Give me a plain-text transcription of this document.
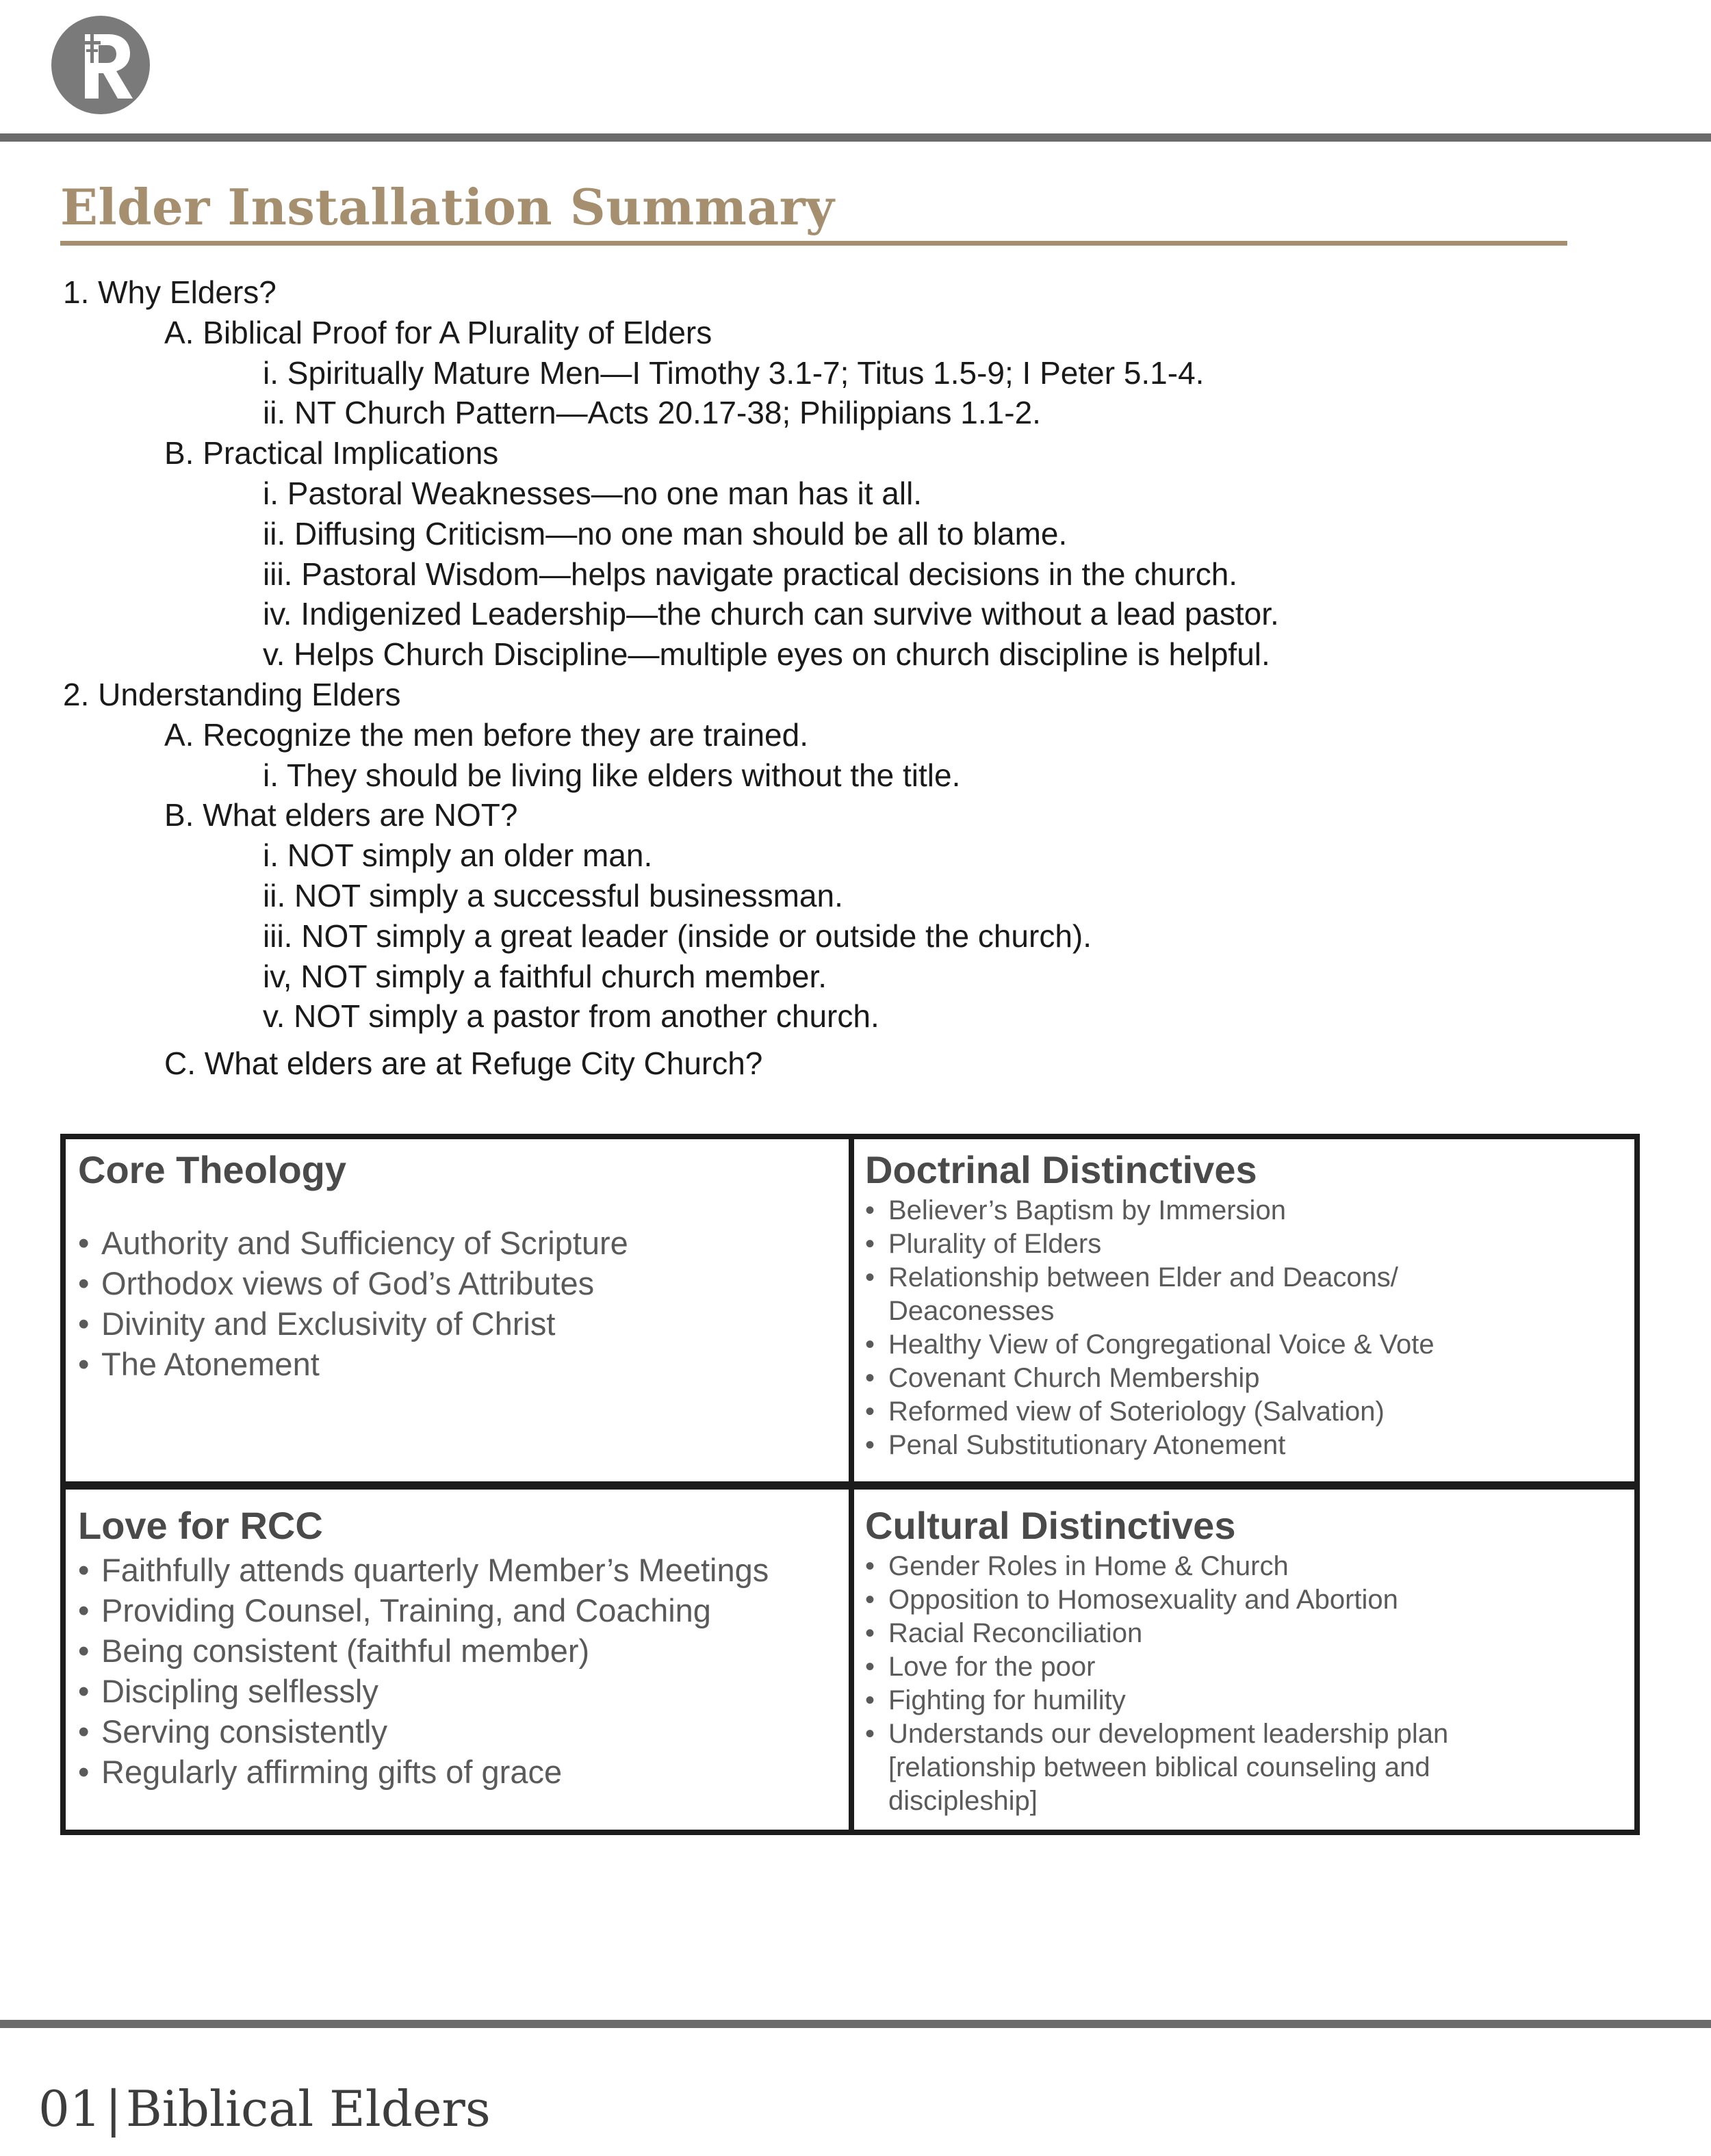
R
Elder Installation Summary
1. Why Elders?
A. Biblical Proof for A Plurality of Elders
i. Spiritually Mature Men—I Timothy 3.1-7; Titus 1.5-9; I Peter 5.1-4.
ii. NT Church Pattern—Acts 20.17-38; Philippians 1.1-2.
B. Practical Implications
i. Pastoral Weaknesses—no one man has it all.
ii. Diffusing Criticism—no one man should be all to blame.
iii. Pastoral Wisdom—helps navigate practical decisions in the church.
iv. Indigenized Leadership—the church can survive without a lead pastor.
v. Helps Church Discipline—multiple eyes on church discipline is helpful.
2. Understanding Elders
A. Recognize the men before they are trained.
i. They should be living like elders without the title.
B. What elders are NOT?
i. NOT simply an older man.
ii. NOT simply a successful businessman.
iii. NOT simply a great leader (inside or outside the church).
iv, NOT simply a faithful church member.
v. NOT simply a pastor from another church.
C. What elders are at Refuge City Church?
Core Theology
• Authority and Sufficiency of Scripture
• Orthodox views of God’s Attributes
• Divinity and Exclusivity of Christ
• The Atonement
Doctrinal Distinctives
• Believer’s Baptism by Immersion
• Plurality of Elders
• Relationship between Elder and Deacons/
Deaconesses
• Healthy View of Congregational Voice & Vote
• Covenant Church Membership
• Reformed view of Soteriology (Salvation)
• Penal Substitutionary Atonement
Love for RCC
• Faithfully attends quarterly Member’s Meetings
• Providing Counsel, Training, and Coaching
• Being consistent (faithful member)
• Discipling selflessly
• Serving consistently
• Regularly affirming gifts of grace
Cultural Distinctives
• Gender Roles in Home & Church
• Opposition to Homosexuality and Abortion
• Racial Reconciliation
• Love for the poor
• Fighting for humility
• Understands our development leadership plan
[relationship between biblical counseling and
discipleship]
01|Biblical Elders
